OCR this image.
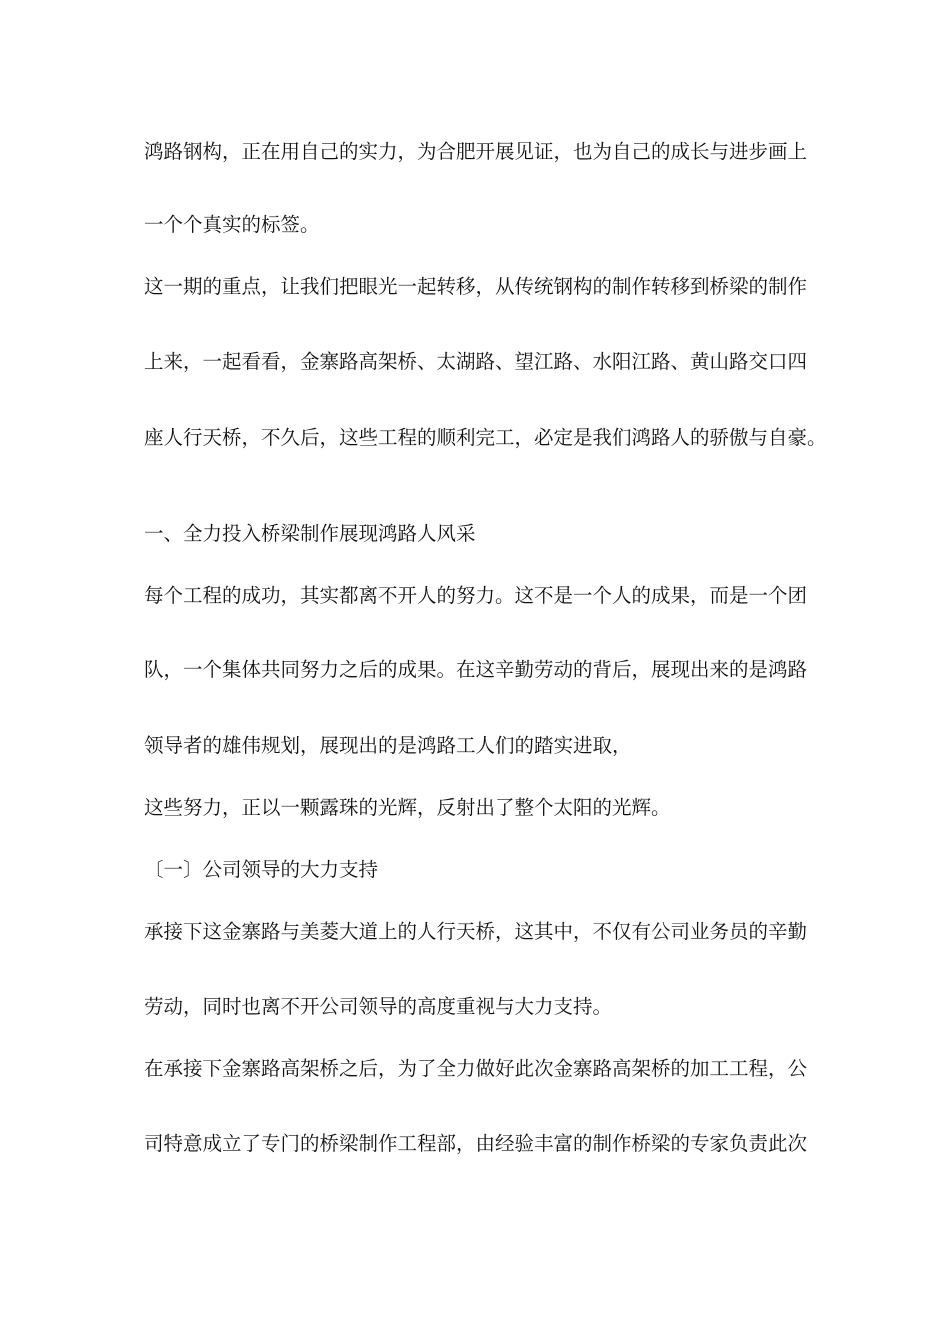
鸿路钢构，正在用自己的实力，为合肥开展见证，也为自己的成长与进步画上
一个个真实的标签。
这一期的重点，让我们把眼光一起转移，从传统钢构的制作转移到桥梁的制作
上来，一起看看，金寨路高架桥、太湖路、望江路、水阳江路、黄山路交口四
座人行天桥，不久后，这些工程的顺利完工，必定是我们鸿路人的骄傲与自豪。
一、全力投入桥梁制作展现鸿路人风采
每个工程的成功，其实都离不开人的努力。这不是一个人的成果，而是一个团
队，一个集体共同努力之后的成果。在这辛勤劳动的背后，展现出来的是鸿路
领导者的雄伟规划，展现出的是鸿路工人们的踏实进取，
这些努力，正以一颗露珠的光辉，反射出了整个太阳的光辉。
〔一〕公司领导的大力支持
承接下这金寨路与美菱大道上的人行天桥，这其中，不仅有公司业务员的辛勤
劳动，同时也离不开公司领导的高度重视与大力支持。
在承接下金寨路高架桥之后，为了全力做好此次金寨路高架桥的加工工程，公
司特意成立了专门的桥梁制作工程部，由经验丰富的制作桥梁的专家负责此次
